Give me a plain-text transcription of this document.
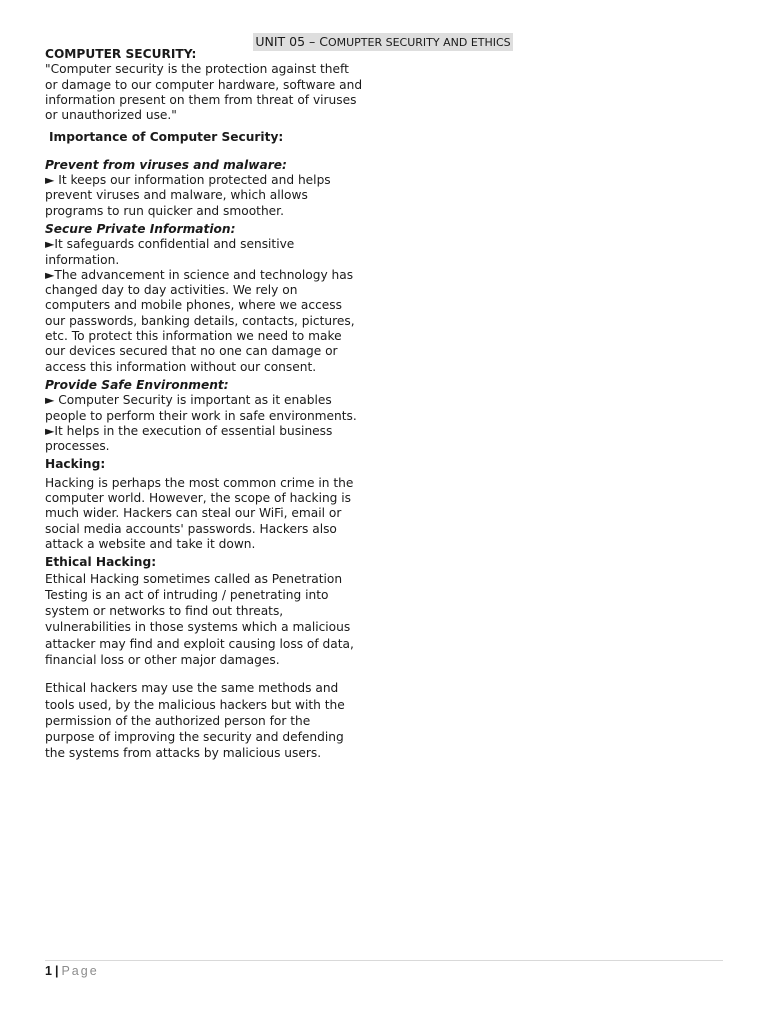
UNIT 05 – COMUPTER SECURITY AND ETHICS

COMPUTER SECURITY:

"Computer security is the protection against theft or damage to our computer hardware, software and information present on them from threat of viruses or unauthorized use."

Importance of Computer Security:

Prevent from viruses and malware:

► It keeps our information protected and helps prevent viruses and malware, which allows programs to run quicker and smoother.

Secure Private Information:

►It safeguards confidential and sensitive information.

►The advancement in science and technology has changed day to day activities. We rely on computers and mobile phones, where we access our passwords, banking details, contacts, pictures, etc. To protect this information we need to make our devices secured that no one can damage or access this information without our consent.

Provide Safe Environment:

► Computer Security is important as it enables people to perform their work in safe environments.

►It helps in the execution of essential business processes.

Hacking:

Hacking is perhaps the most common crime in the computer world. However, the scope of hacking is much wider. Hackers can steal our WiFi, email or social media accounts' passwords. Hackers also attack a website and take it down.

Ethical Hacking:

Ethical Hacking sometimes called as Penetration Testing is an act of intruding / penetrating into system or networks to find out threats, vulnerabilities in those systems which a malicious attacker may find and exploit causing loss of data, financial loss or other major damages.

Ethical hackers may use the same methods and tools used, by the malicious hackers but with the permission of the authorized person for the purpose of improving the security and defending the systems from attacks by malicious users.

1 | Page
